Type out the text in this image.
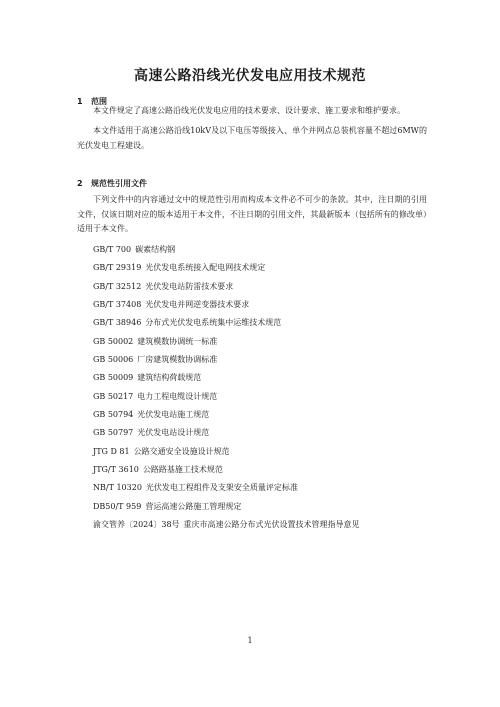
高速公路沿线光伏发电应用技术规范
1 范围

本文件规定了高速公路沿线光伏发电应用的技术要求、设计要求、施工要求和维护要求。

本文件适用于高速公路沿线10kV及以下电压等级接入、单个并网点总装机容量不超过6MW的光伏发电工程建设。

2 规范性引用文件

下列文件中的内容通过文中的规范性引用而构成本文件必不可少的条款。其中，注日期的引用文件，仅该日期对应的版本适用于本文件，不注日期的引用文件，其最新版本（包括所有的修改单）适用于本文件。

GB/T 700 碳素结构钢
GB/T 29319 光伏发电系统接入配电网技术规定
GB/T 32512 光伏发电站防雷技术要求
GB/T 37408 光伏发电并网逆变器技术要求
GB/T 38946 分布式光伏发电系统集中运维技术规范
GB 50002 建筑模数协调统一标准
GB 50006 厂房建筑模数协调标准
GB 50009 建筑结构荷载规范
GB 50217 电力工程电缆设计规范
GB 50794 光伏发电站施工规范
GB 50797 光伏发电站设计规范
JTG D 81 公路交通安全设施设计规范
JTG/T 3610 公路路基施工技术规范
NB/T 10320 光伏发电工程组件及支架安全质量评定标准
DB50/T 959 营运高速公路施工管理规定
渝交管养〔2024〕38号 重庆市高速公路分布式光伏设置技术管理指导意见
1
